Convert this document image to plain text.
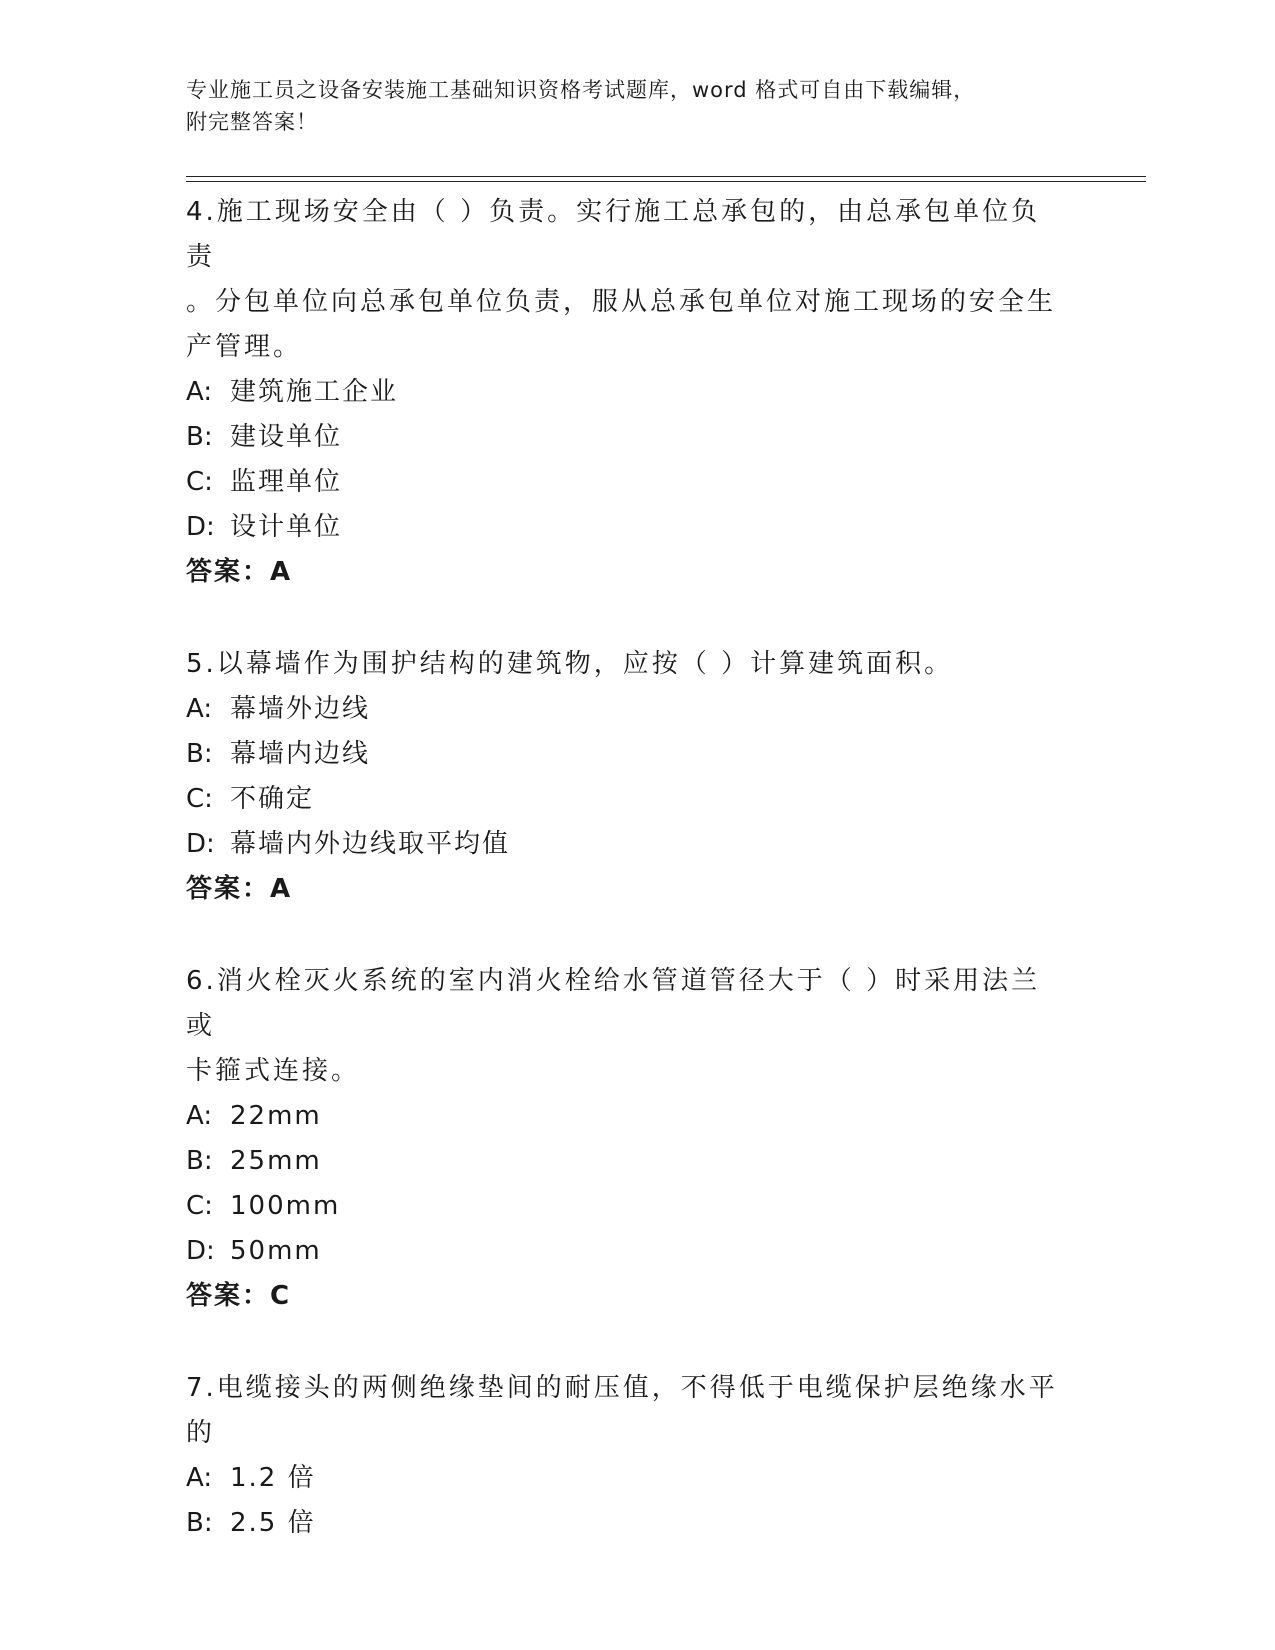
专业施工员之设备安装施工基础知识资格考试题库，word 格式可自由下载编辑，
附完整答案！
4.施工现场安全由（ ）负责。实行施工总承包的，由总承包单位负责
。分包单位向总承包单位负责，服从总承包单位对施工现场的安全生
产管理。
A: 建筑施工企业
B: 建设单位
C: 监理单位
D: 设计单位
答案：A
5.以幕墙作为围护结构的建筑物，应按（ ）计算建筑面积。
A: 幕墙外边线
B: 幕墙内边线
C: 不确定
D: 幕墙内外边线取平均值
答案：A
6.消火栓灭火系统的室内消火栓给水管道管径大于（ ）时采用法兰或
卡箍式连接。
A: 22mm
B: 25mm
C: 100mm
D: 50mm
答案：C
7.电缆接头的两侧绝缘垫间的耐压值，不得低于电缆保护层绝缘水平
的
A: 1.2 倍
B: 2.5 倍
